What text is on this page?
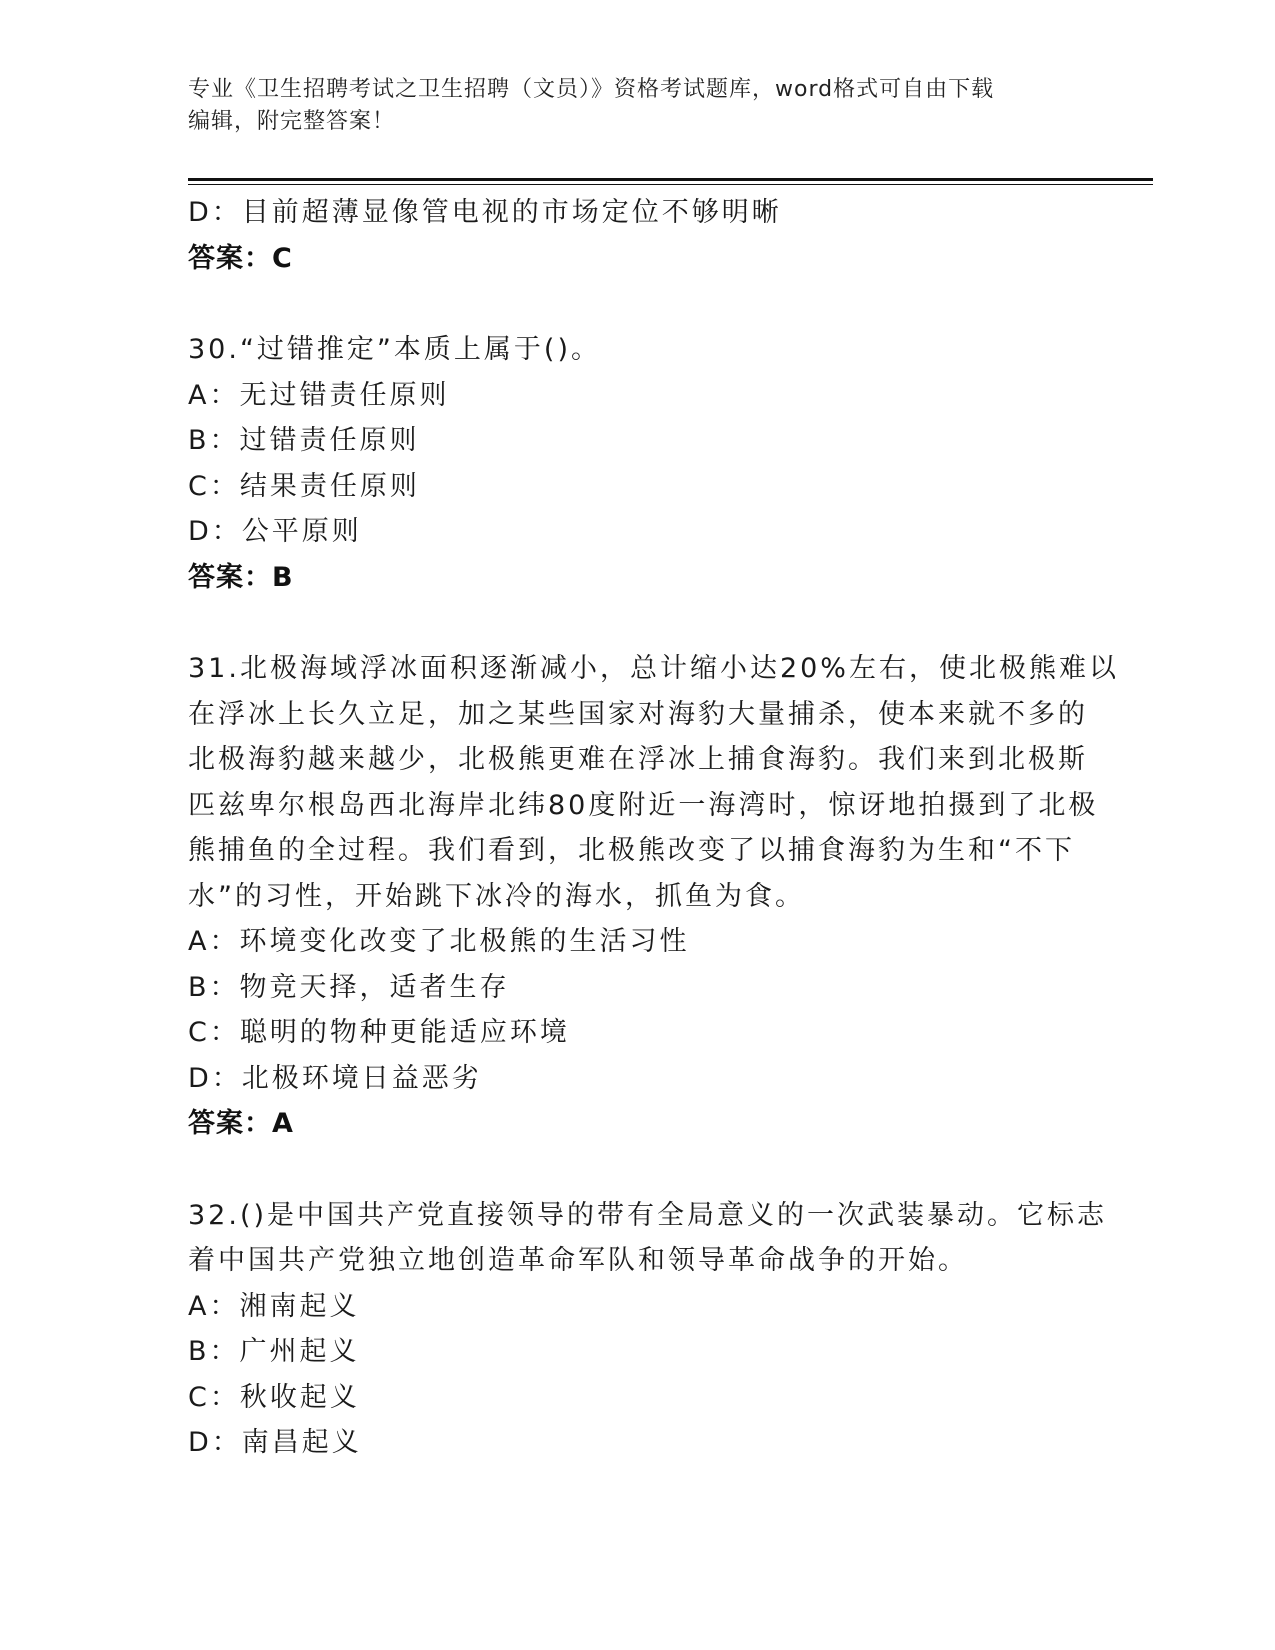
专业《卫生招聘考试之卫生招聘（文员）》资格考试题库，word格式可自由下载
编辑，附完整答案！
D：目前超薄显像管电视的市场定位不够明晰
答案：C
30.“过错推定”本质上属于()。
A：无过错责任原则
B：过错责任原则
C：结果责任原则
D：公平原则
答案：B
31.北极海域浮冰面积逐渐减小，总计缩小达20%左右，使北极熊难以
在浮冰上长久立足，加之某些国家对海豹大量捕杀，使本来就不多的
北极海豹越来越少，北极熊更难在浮冰上捕食海豹。我们来到北极斯
匹兹卑尔根岛西北海岸北纬80度附近一海湾时，惊讶地拍摄到了北极
熊捕鱼的全过程。我们看到，北极熊改变了以捕食海豹为生和“不下
水”的习性，开始跳下冰冷的海水，抓鱼为食。
A：环境变化改变了北极熊的生活习性
B：物竞天择，适者生存
C：聪明的物种更能适应环境
D：北极环境日益恶劣
答案：A
32.()是中国共产党直接领导的带有全局意义的一次武装暴动。它标志
着中国共产党独立地创造革命军队和领导革命战争的开始。
A：湘南起义
B：广州起义
C：秋收起义
D：南昌起义
